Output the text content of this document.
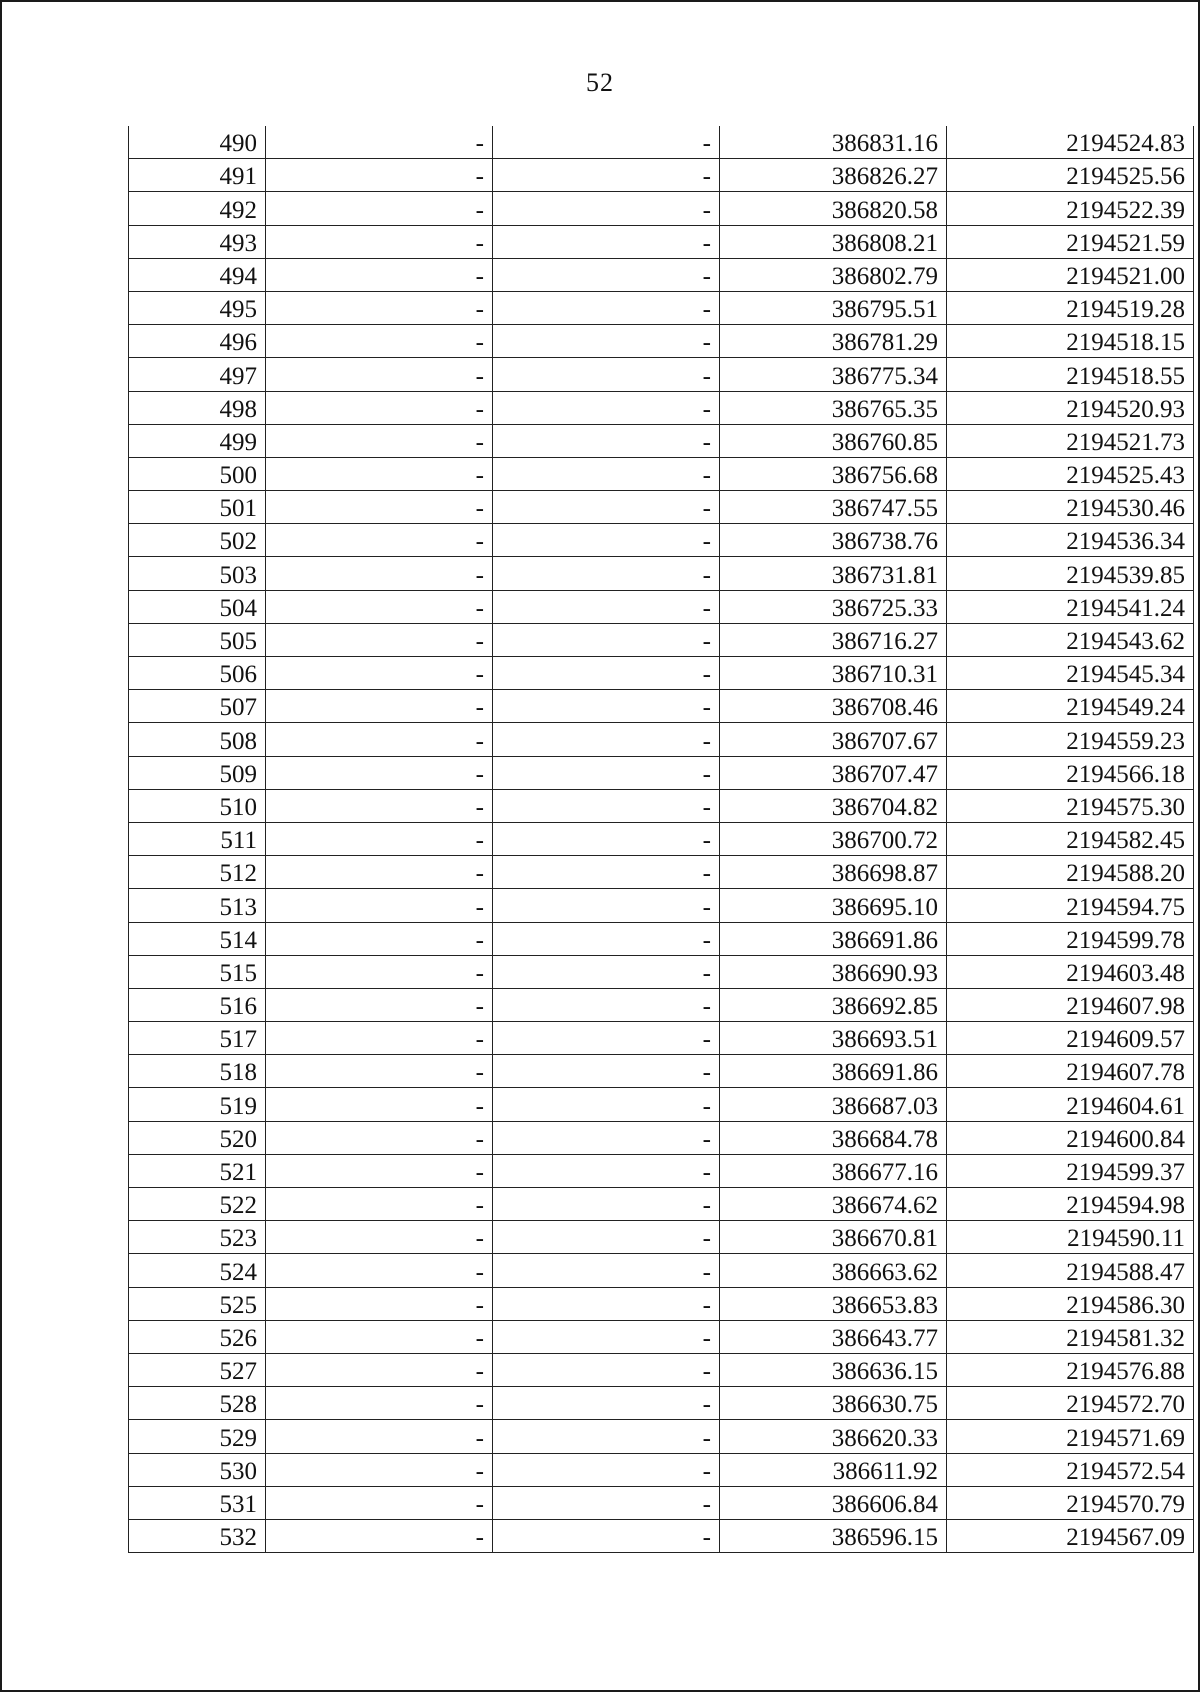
52
490	-	-	386831.16	2194524.83
491	-	-	386826.27	2194525.56
492	-	-	386820.58	2194522.39
493	-	-	386808.21	2194521.59
494	-	-	386802.79	2194521.00
495	-	-	386795.51	2194519.28
496	-	-	386781.29	2194518.15
497	-	-	386775.34	2194518.55
498	-	-	386765.35	2194520.93
499	-	-	386760.85	2194521.73
500	-	-	386756.68	2194525.43
501	-	-	386747.55	2194530.46
502	-	-	386738.76	2194536.34
503	-	-	386731.81	2194539.85
504	-	-	386725.33	2194541.24
505	-	-	386716.27	2194543.62
506	-	-	386710.31	2194545.34
507	-	-	386708.46	2194549.24
508	-	-	386707.67	2194559.23
509	-	-	386707.47	2194566.18
510	-	-	386704.82	2194575.30
511	-	-	386700.72	2194582.45
512	-	-	386698.87	2194588.20
513	-	-	386695.10	2194594.75
514	-	-	386691.86	2194599.78
515	-	-	386690.93	2194603.48
516	-	-	386692.85	2194607.98
517	-	-	386693.51	2194609.57
518	-	-	386691.86	2194607.78
519	-	-	386687.03	2194604.61
520	-	-	386684.78	2194600.84
521	-	-	386677.16	2194599.37
522	-	-	386674.62	2194594.98
523	-	-	386670.81	2194590.11
524	-	-	386663.62	2194588.47
525	-	-	386653.83	2194586.30
526	-	-	386643.77	2194581.32
527	-	-	386636.15	2194576.88
528	-	-	386630.75	2194572.70
529	-	-	386620.33	2194571.69
530	-	-	386611.92	2194572.54
531	-	-	386606.84	2194570.79
532	-	-	386596.15	2194567.09
